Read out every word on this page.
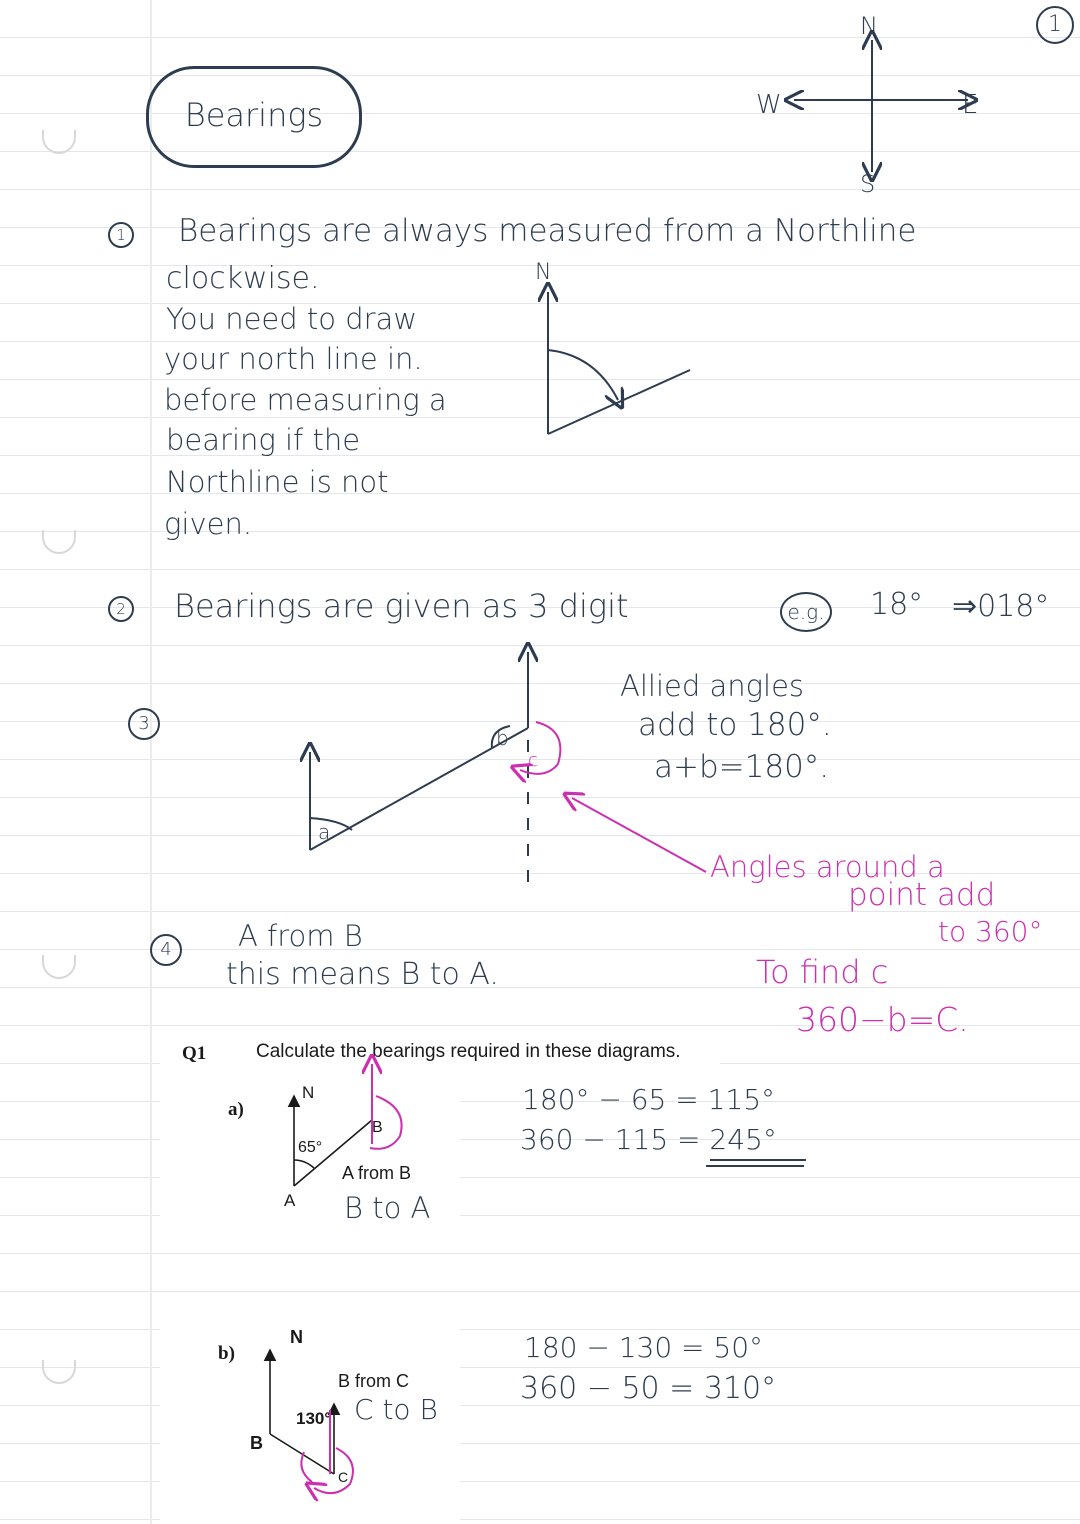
1
Bearings
N
E
S
W
1 Bearings are always measured from a Northline
clockwise.
You need to draw
your north line in.
before measuring a
bearing if the
Northline is not
given.
N
2 Bearings are given as 3 digit	e.g. 18° ⇒018°
3
a
b
c
Allied angles
add to 180°.
a+b=180°.
Angles around a
point add
to 360°
To find c
360−b=C.
4	A from B
this means B to A.
Q1	Calculate the bearings required in these diagrams.
a)
N
65°
A
B
A from B
B to A
180° − 65 = 115°
360 − 115 = 245°
b)
N
130°
B
C
B from C
C to B
180 − 130 = 50°
360 − 50 = 310°
